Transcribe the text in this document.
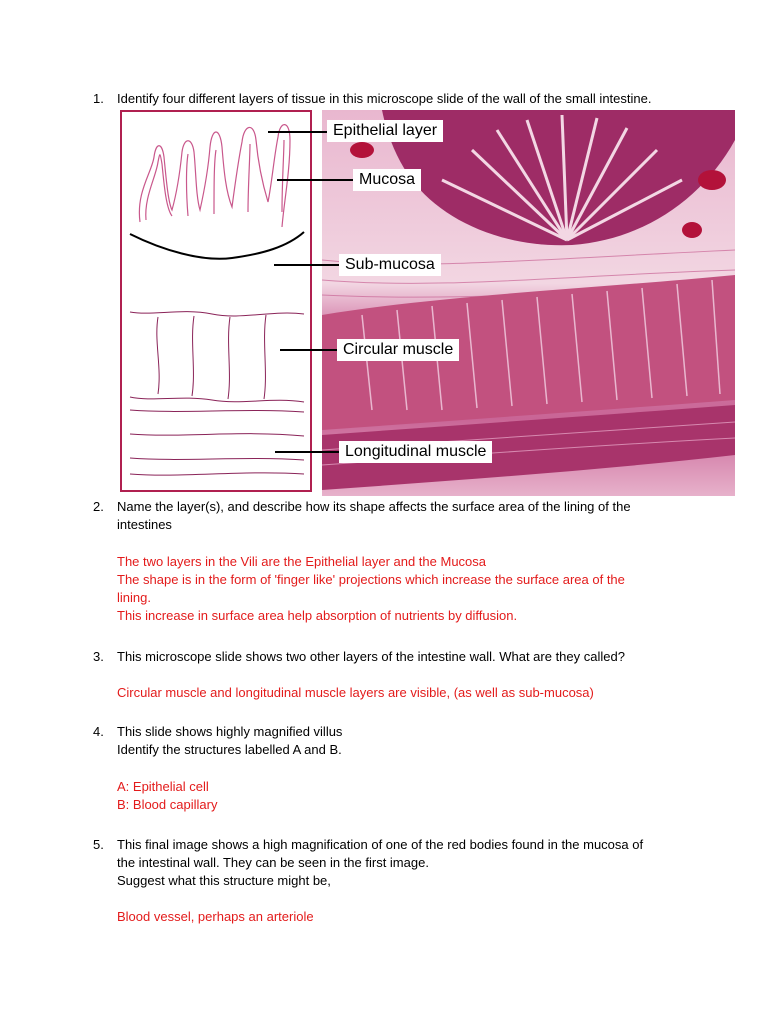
1. Identify four different layers of tissue in this microscope slide of the wall of the small intestine.
Epithelial layer
Mucosa
Sub-mucosa
Circular muscle
Longitudinal muscle
2. Name the layer(s), and describe how its shape affects the surface area of the lining of the
intestines
The two layers in the Vili are the Epithelial layer and the Mucosa
The shape is in the form of 'finger like' projections which increase the surface area of the
lining.
This increase in surface area help absorption of nutrients by diffusion.
3. This microscope slide shows two other layers of the intestine wall. What are they called?
Circular muscle and longitudinal muscle layers are visible, (as well as sub-mucosa)
4. This slide shows highly magnified villus
Identify the structures labelled A and B.
A: Epithelial cell
B: Blood capillary
5. This final image shows a high magnification of one of the red bodies found in the mucosa of
the intestinal wall. They can be seen in the first image.
Suggest what this structure might be,
Blood vessel, perhaps an arteriole
